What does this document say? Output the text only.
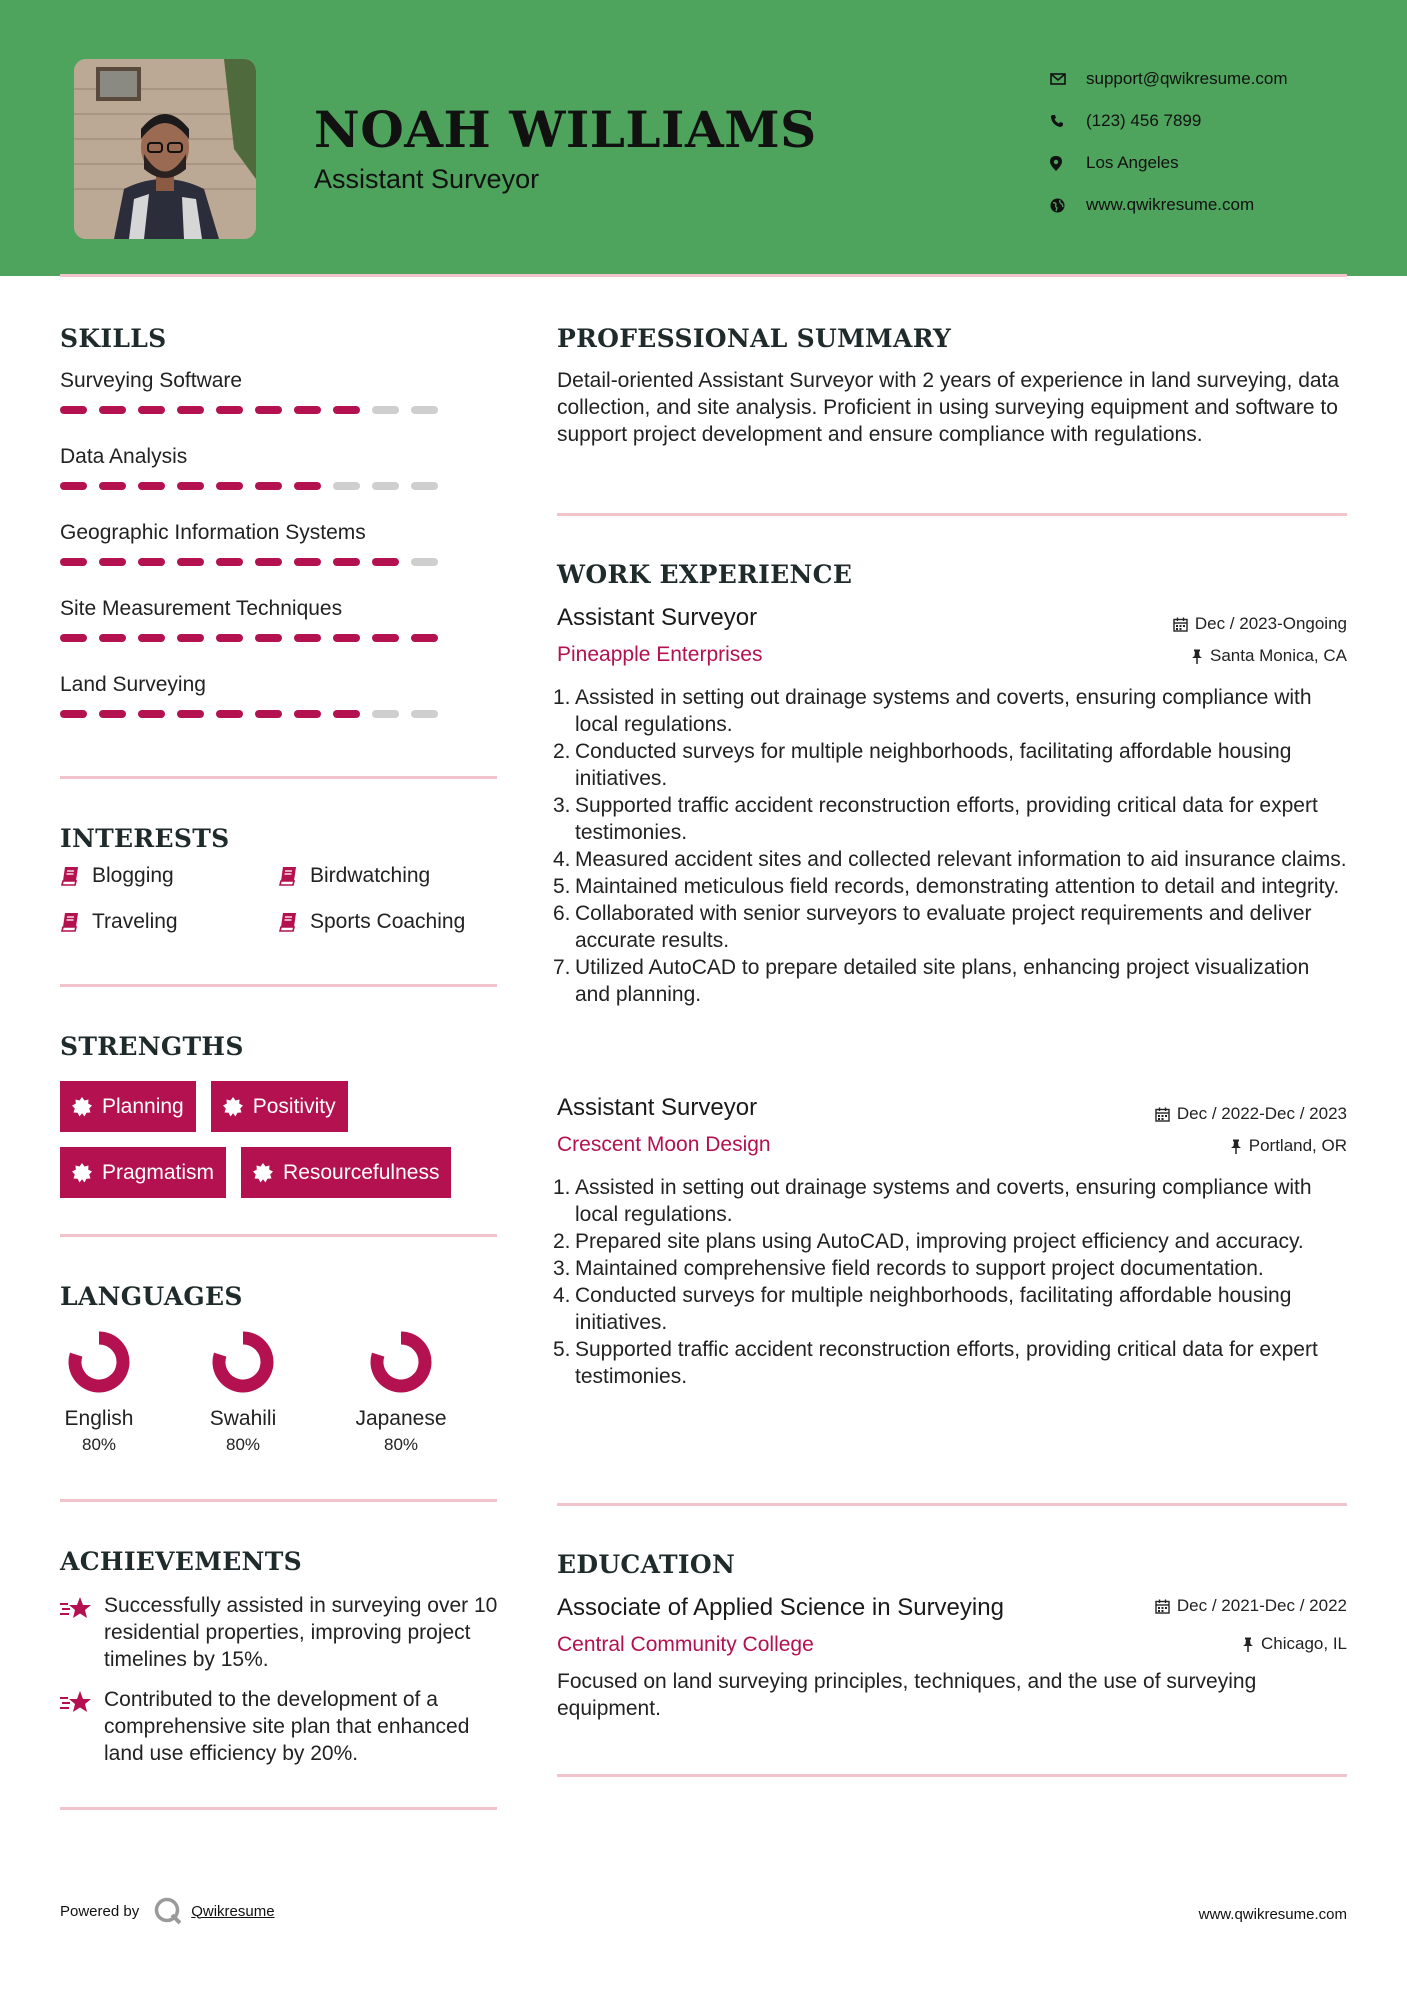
NOAH WILLIAMS
Assistant Surveyor
support@qwikresume.com
(123) 456 7899
Los Angeles
www.qwikresume.com
SKILLS
Surveying Software
Data Analysis
Geographic Information Systems
Site Measurement Techniques
Land Surveying
INTERESTS
Blogging	Birdwatching
Traveling	Sports Coaching
STRENGTHS
Planning	Positivity
Pragmatism	Resourcefulness
LANGUAGES
English
80%
Swahili
80%
Japanese
80%
ACHIEVEMENTS
Successfully assisted in surveying over 10 residential properties, improving project timelines by 15%.
Contributed to the development of a comprehensive site plan that enhanced land use efficiency by 20%.
PROFESSIONAL SUMMARY
Detail-oriented Assistant Surveyor with 2 years of experience in land surveying, data collection, and site analysis. Proficient in using surveying equipment and software to support project development and ensure compliance with regulations.
WORK EXPERIENCE
Assistant Surveyor	Dec / 2023-Ongoing
Pineapple Enterprises	Santa Monica, CA
1. Assisted in setting out drainage systems and coverts, ensuring compliance with local regulations.
2. Conducted surveys for multiple neighborhoods, facilitating affordable housing initiatives.
3. Supported traffic accident reconstruction efforts, providing critical data for expert testimonies.
4. Measured accident sites and collected relevant information to aid insurance claims.
5. Maintained meticulous field records, demonstrating attention to detail and integrity.
6. Collaborated with senior surveyors to evaluate project requirements and deliver accurate results.
7. Utilized AutoCAD to prepare detailed site plans, enhancing project visualization and planning.
Assistant Surveyor	Dec / 2022-Dec / 2023
Crescent Moon Design	Portland, OR
1. Assisted in setting out drainage systems and coverts, ensuring compliance with local regulations.
2. Prepared site plans using AutoCAD, improving project efficiency and accuracy.
3. Maintained comprehensive field records to support project documentation.
4. Conducted surveys for multiple neighborhoods, facilitating affordable housing initiatives.
5. Supported traffic accident reconstruction efforts, providing critical data for expert testimonies.
EDUCATION
Associate of Applied Science in Surveying	Dec / 2021-Dec / 2022
Central Community College	Chicago, IL
Focused on land surveying principles, techniques, and the use of surveying equipment.
Powered by	Qwikresume	www.qwikresume.com
